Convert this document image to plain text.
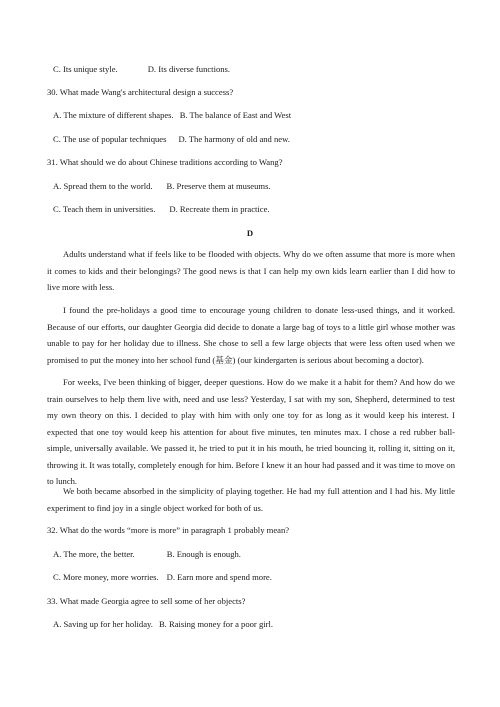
C. Its unique style.	D. Its diverse functions.
30. What made Wang's architectural design a success?
A. The mixture of different shapes. B. The balance of East and West
C. The use of popular techniques D. The harmony of old and new.
31. What should we do about Chinese traditions according to Wang?
A. Spread them to the world. B. Preserve them at museums.
C. Teach them in universities. D. Recreate them in practice.
D

Adults understand what if feels like to be flooded with objects. Why do we often assume that more is more when it comes to kids and their belongings? The good news is that I can help my own kids learn earlier than I did how to live more with less.

I found the pre-holidays a good time to encourage young children to donate less-used things, and it worked. Because of our efforts, our daughter Georgia did decide to donate a large bag of toys to a little girl whose mother was unable to pay for her holiday due to illness. She chose to sell a few large objects that were less often used when we promised to put the money into her school fund (基金) (our kindergarten is serious about becoming a doctor).

For weeks, I've been thinking of bigger, deeper questions. How do we make it a habit for them? And how do we train ourselves to help them live with, need and use less? Yesterday, I sat with my son, Shepherd, determined to test my own theory on this. I decided to play with him with only one toy for as long as it would keep his interest. I expected that one toy would keep his attention for about five minutes, ten minutes max. I chose a red rubber ball-simple, universally available. We passed it, he tried to put it in his mouth, he tried bouncing it, rolling it, sitting on it, throwing it. It was totally, completely enough for him. Before I knew it an hour had passed and it was time to move on to lunch.

We both became absorbed in the simplicity of playing together. He had my full attention and I had his. My little experiment to find joy in a single object worked for both of us.

32. What do the words “more is more” in paragraph 1 probably mean?
A. The more, the better.	B. Enough is enough.
C. More money, more worries. D. Earn more and spend more.
33. What made Georgia agree to sell some of her objects?
A. Saving up for her holiday. B. Raising money for a poor girl.
